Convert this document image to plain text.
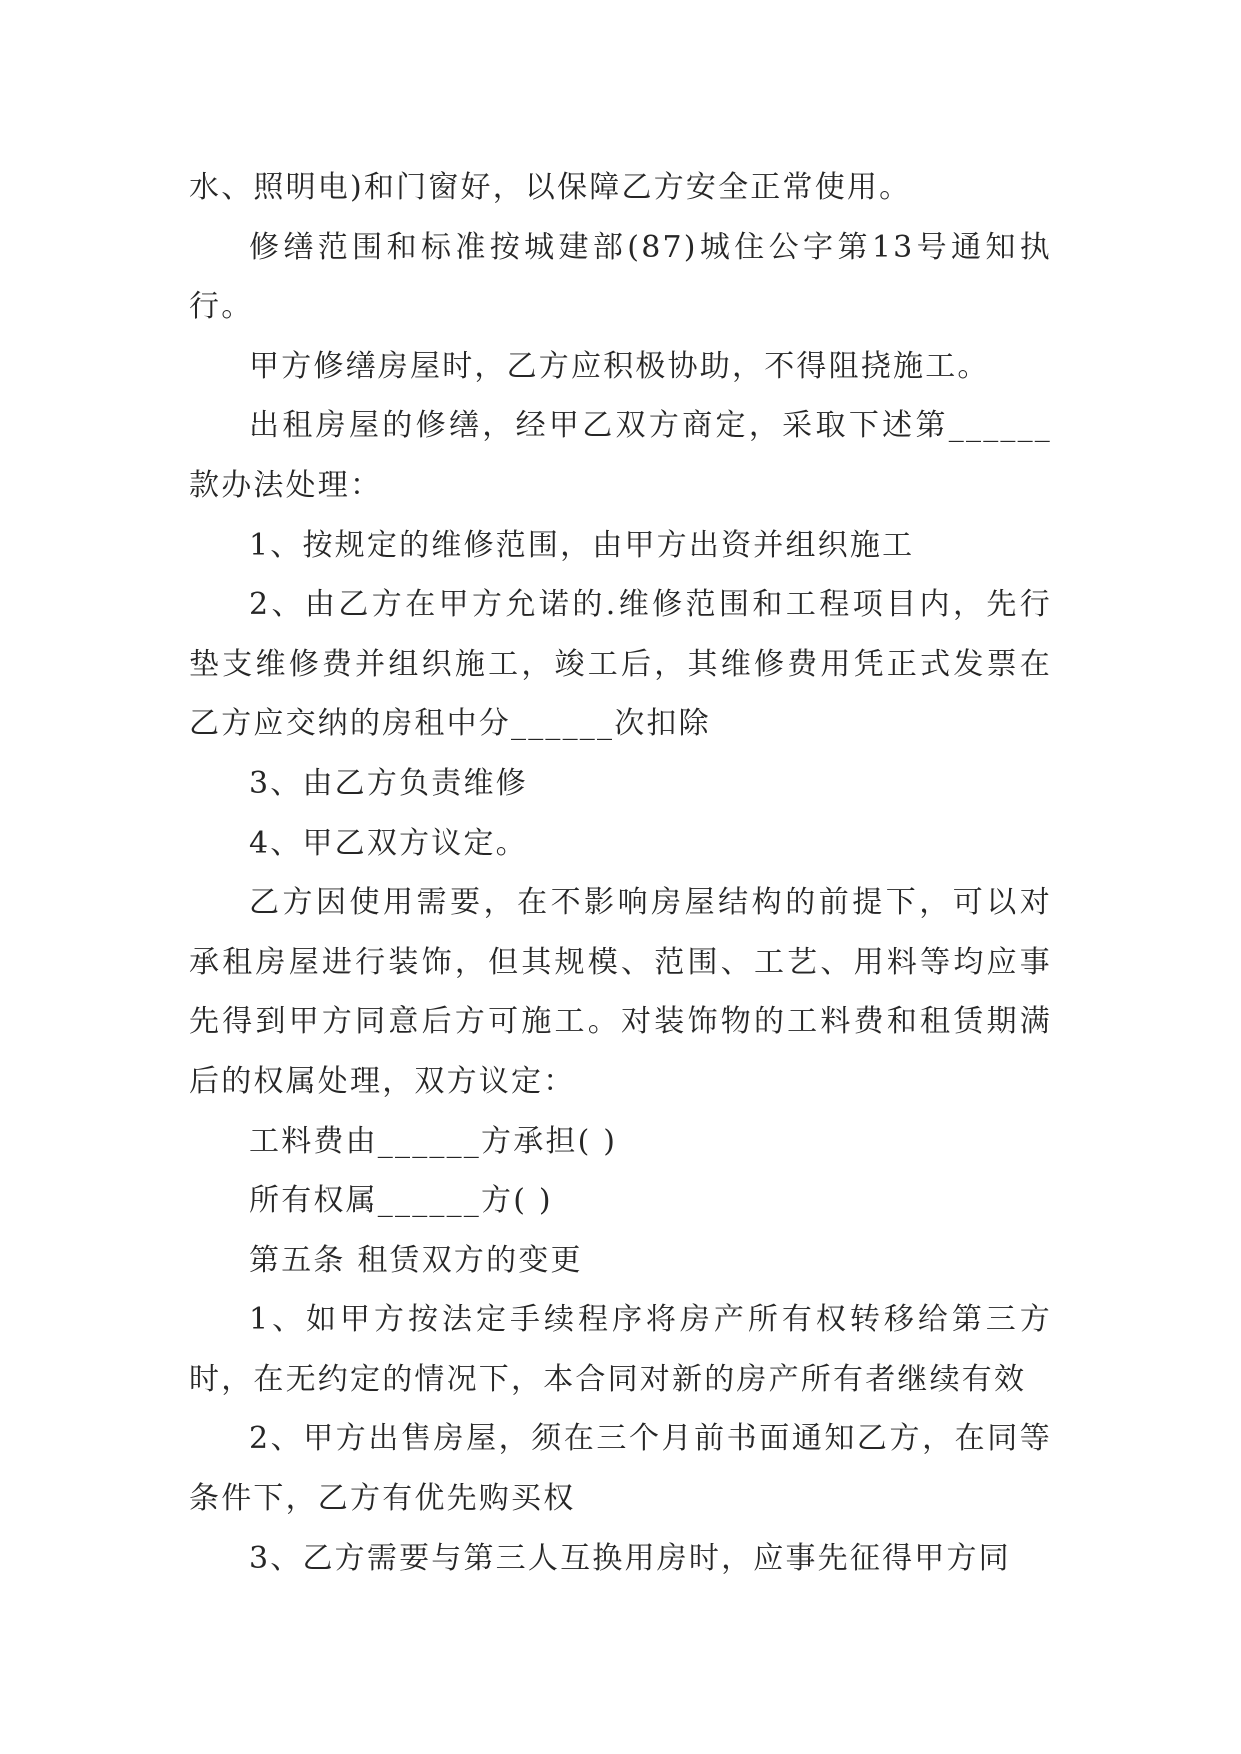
水、照明电)和门窗好，以保障乙方安全正常使用。

修缮范围和标准按城建部(87)城住公字第13号通知执行。

甲方修缮房屋时，乙方应积极协助，不得阻挠施工。

出租房屋的修缮，经甲乙双方商定，采取下述第______款办法处理：

1、按规定的维修范围，由甲方出资并组织施工

2、由乙方在甲方允诺的.维修范围和工程项目内，先行垫支维修费并组织施工，竣工后，其维修费用凭正式发票在乙方应交纳的房租中分______次扣除

3、由乙方负责维修

4、甲乙双方议定。

乙方因使用需要，在不影响房屋结构的前提下，可以对承租房屋进行装饰，但其规模、范围、工艺、用料等均应事先得到甲方同意后方可施工。对装饰物的工料费和租赁期满后的权属处理，双方议定：

工料费由______方承担( )

所有权属______方( )

第五条 租赁双方的变更

1、如甲方按法定手续程序将房产所有权转移给第三方时，在无约定的情况下，本合同对新的房产所有者继续有效

2、甲方出售房屋，须在三个月前书面通知乙方，在同等条件下，乙方有优先购买权

3、乙方需要与第三人互换用房时，应事先征得甲方同
